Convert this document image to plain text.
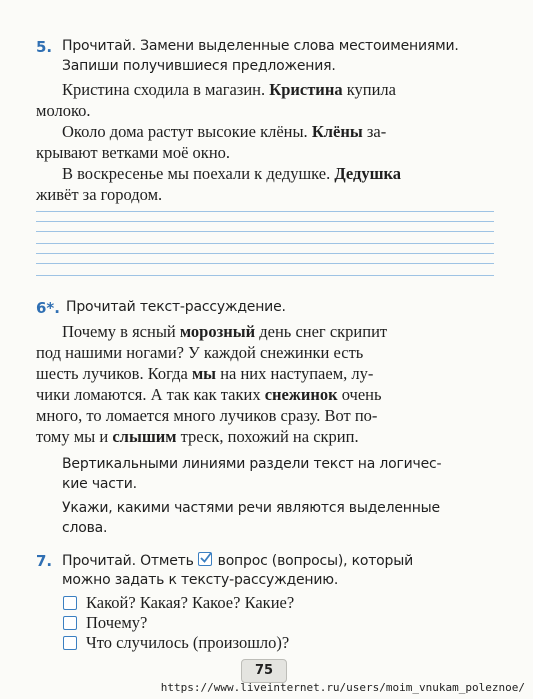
5. Прочитай. Замени выделенные слова местоимениями.
Запиши получившиеся предложения.
Кристина сходила в магазин. Кристина купила
молоко.
Около дома растут высокие клёны. Клёны за-
крывают ветками моё окно.
В воскресенье мы поехали к дедушке. Дедушка
живёт за городом.
6*. Прочитай текст-рассуждение.
Почему в ясный морозный день снег скрипит
под нашими ногами? У каждой снежинки есть
шесть лучиков. Когда мы на них наступаем, лу-
чики ломаются. А так как таких снежинок очень
много, то ломается много лучиков сразу. Вот по-
тому мы и слышим треск, похожий на скрип.
Вертикальными линиями раздели текст на логичес-
кие части.
Укажи, какими частями речи являются выделенные
слова.
7. Прочитай. Отметь вопрос (вопросы), который
можно задать к тексту-рассуждению.
Какой? Какая? Какое? Какие?
Почему?
Что случилось (произошло)?
75
https://www.liveinternet.ru/users/moim_vnukam_poleznoe/
